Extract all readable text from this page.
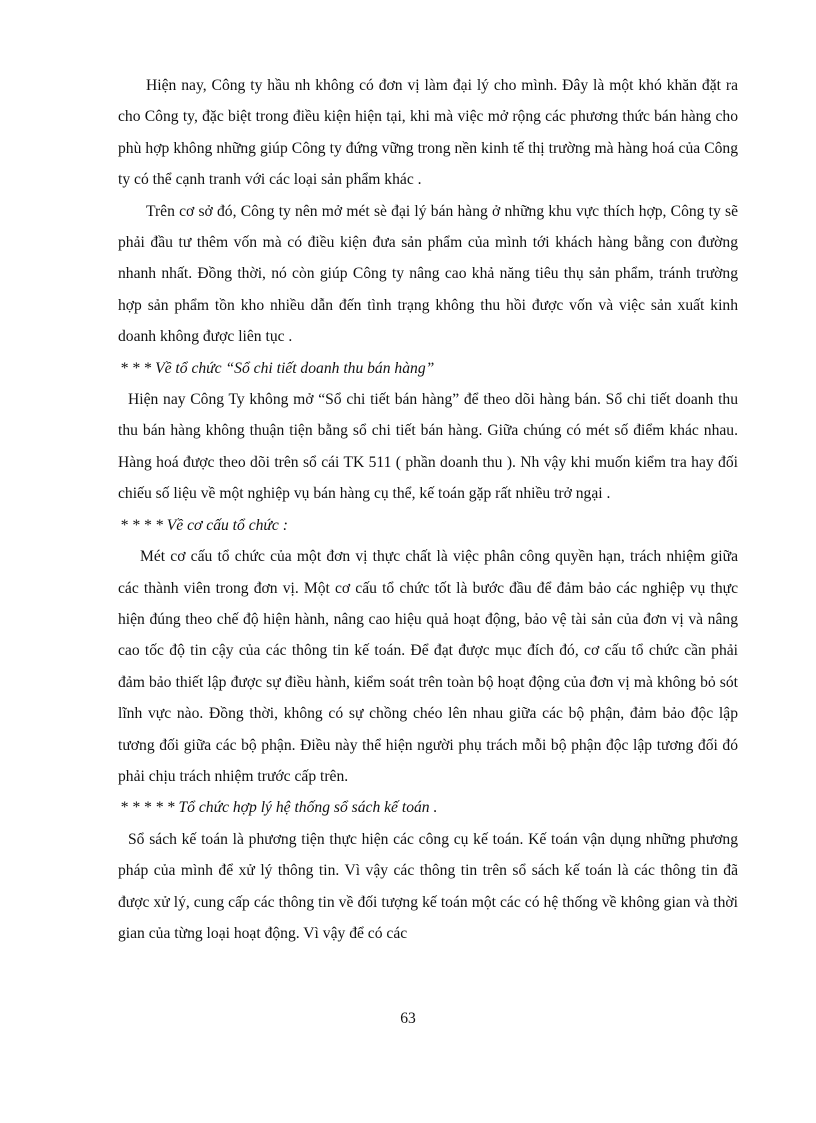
Hiện nay, Công ty hầu nh không có đơn vị làm đại lý cho mình. Đây là một khó khăn đặt ra cho Công ty, đặc biệt trong điều kiện hiện tại, khi mà việc mở rộng các phương thức bán hàng cho phù hợp không những giúp Công ty đứng vững trong nền kinh tế thị trường mà hàng hoá của Công ty có thể cạnh tranh với các loại sản phẩm khác .

Trên cơ sở đó, Công ty nên mở mét sè đại lý bán hàng ở những khu vực thích hợp, Công ty sẽ phải đầu tư thêm vốn mà có điều kiện đưa sản phẩm của mình tới khách hàng bằng con đường nhanh nhất. Đồng thời, nó còn giúp Công ty nâng cao khả năng tiêu thụ sản phẩm, tránh trường hợp sản phẩm tồn kho nhiều dẫn đến tình trạng không thu hồi được vốn và việc sản xuất kinh doanh không được liên tục .

* * * Về tổ chức “Sổ chi tiết doanh thu bán hàng”

Hiện nay Công Ty không mở “Sổ chi tiết bán hàng” để theo dõi hàng bán. Sổ chi tiết doanh thu thu bán hàng không thuận tiện bằng sổ chi tiết bán hàng. Giữa chúng có mét số điểm khác nhau. Hàng hoá được theo dõi trên sổ cái TK 511 ( phần doanh thu ). Nh vậy khi muốn kiểm tra hay đối chiếu số liệu về một nghiệp vụ bán hàng cụ thể, kế toán gặp rất nhiều trở ngại .

* * * * Về cơ cấu tổ chức :

Mét cơ cấu tổ chức của một đơn vị thực chất là việc phân công quyền hạn, trách nhiệm giữa các thành viên trong đơn vị. Một cơ cấu tổ chức tốt là bước đầu để đảm bảo các nghiệp vụ thực hiện đúng theo chế độ hiện hành, nâng cao hiệu quả hoạt động, bảo vệ tài sản của đơn vị và nâng cao tốc độ tin cậy của các thông tin kế toán. Để đạt được mục đích đó, cơ cấu tổ chức cần phải đảm bảo thiết lập được sự điều hành, kiểm soát trên toàn bộ hoạt động của đơn vị mà không bỏ sót lĩnh vực nào. Đồng thời, không có sự chồng chéo lên nhau giữa các bộ phận, đảm bảo độc lập tương đối giữa các bộ phận. Điều này thể hiện người phụ trách mỗi bộ phận độc lập tương đối đó phải chịu trách nhiệm trước cấp trên.

* * * * * Tổ chức hợp lý hệ thống sổ sách kế toán .

Sổ sách kế toán là phương tiện thực hiện các công cụ kế toán. Kế toán vận dụng những phương pháp của mình để xử lý thông tin. Vì vậy các thông tin trên sổ sách kế toán là các thông tin đã được xử lý, cung cấp các thông tin về đối tượng kế toán một các có hệ thống về không gian và thời gian của từng loại hoạt động. Vì vậy để có các

63
